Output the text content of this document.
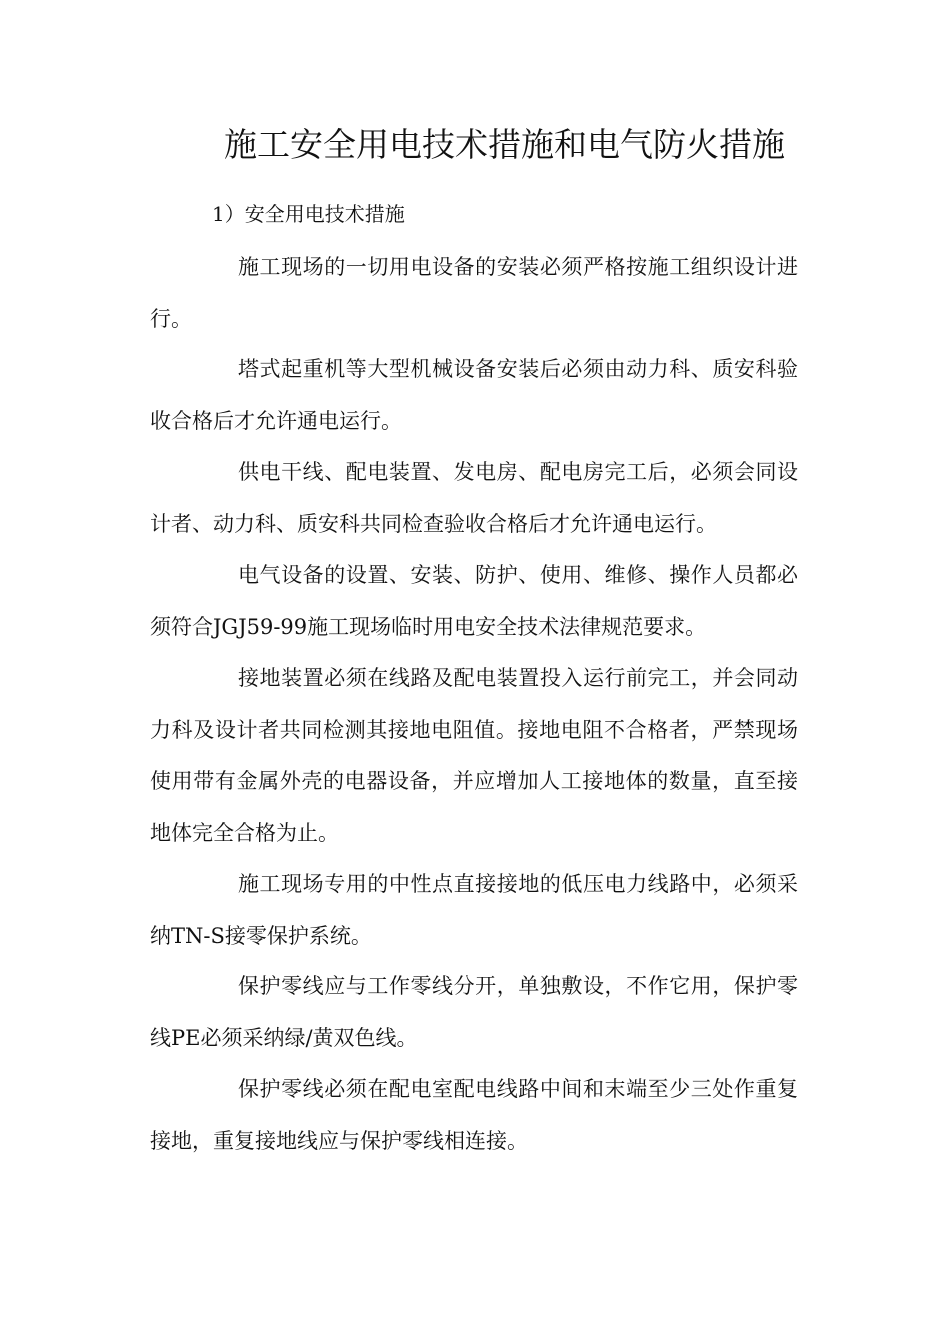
施工安全用电技术措施和电气防火措施
1）安全用电技术措施

施工现场的一切用电设备的安装必须严格按施工组织设计进行。

塔式起重机等大型机械设备安装后必须由动力科、质安科验收合格后才允许通电运行。

供电干线、配电装置、发电房、配电房完工后，必须会同设计者、动力科、质安科共同检查验收合格后才允许通电运行。

电气设备的设置、安装、防护、使用、维修、操作人员都必须符合JGJ59-99施工现场临时用电安全技术法律规范要求。

接地装置必须在线路及配电装置投入运行前完工，并会同动力科及设计者共同检测其接地电阻值。接地电阻不合格者，严禁现场使用带有金属外壳的电器设备，并应增加人工接地体的数量，直至接地体完全合格为止。

施工现场专用的中性点直接接地的低压电力线路中，必须采纳TN-S接零保护系统。

保护零线应与工作零线分开，单独敷设，不作它用，保护零线PE必须采纳绿/黄双色线。

保护零线必须在配电室配电线路中间和末端至少三处作重复接地，重复接地线应与保护零线相连接。
